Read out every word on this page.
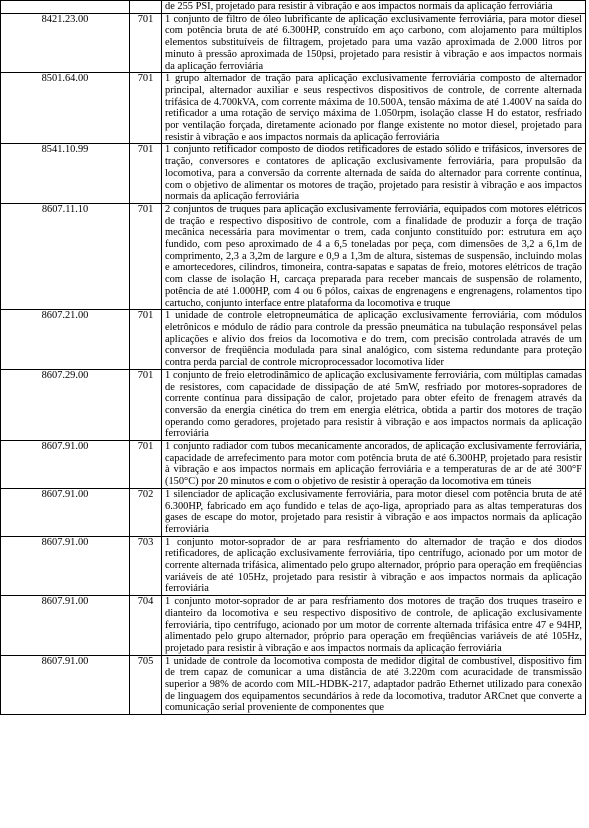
		de 255 PSI, projetado para resistir à vibração e aos impactos normais da aplicação ferroviária
8421.23.00	701	1 conjunto de filtro de óleo lubrificante de aplicação exclusivamente ferroviária, para motor diesel com potência bruta de até 6.300HP, construído em aço carbono, com alojamento para múltiplos elementos substituíveis de filtragem, projetado para uma vazão aproximada de 2.000 litros por minuto à pressão aproximada de 150psi, projetado para resistir à vibração e aos impactos normais da aplicação ferroviária
8501.64.00	701	1 grupo alternador de tração para aplicação exclusivamente ferroviária composto de alternador principal, alternador auxiliar e seus respectivos dispositivos de controle, de corrente alternada trifásica de 4.700kVA, com corrente máxima de 10.500A, tensão máxima de até 1.400V na saída do retificador a uma rotação de serviço máxima de 1.050rpm, isolação classe H do estator, resfriado por ventilação forçada, diretamente acionado por flange existente no motor diesel, projetado para resistir à vibração e aos impactos normais da aplicação ferroviária
8541.10.99	701	1 conjunto retificador composto de diodos retificadores de estado sólido e trifásicos, inversores de tração, conversores e contatores de aplicação exclusivamente ferroviária, para propulsão da locomotiva, para a conversão da corrente alternada de saída do alternador para corrente contínua, com o objetivo de alimentar os motores de tração, projetado para resistir à vibração e aos impactos normais da aplicação ferroviária
8607.11.10	701	2 conjuntos de truques para aplicação exclusivamente ferroviária, equipados com motores elétricos de tração e respectivo dispositivo de controle, com a finalidade de produzir a força de tração mecânica necessária para movimentar o trem, cada conjunto constituído por: estrutura em aço fundido, com peso aproximado de 4 a 6,5 toneladas por peça, com dimensões de 3,2 a 6,1m de comprimento, 2,3 a 3,2m de largure e 0,9 a 1,3m de altura, sistemas de suspensão, incluindo molas e amortecedores, cilindros, timoneira, contra-sapatas e sapatas de freio, motores elétricos de tração com classe de isolação H, carcaça preparada para receber mancais de suspensão de rolamento, potência de até 1.000HP, com 4 ou 6 pólos, caixas de engrenagens e engrenagens, rolamentos tipo cartucho, conjunto interface entre plataforma da locomotiva e truque
8607.21.00	701	1 unidade de controle eletropneumática de aplicação exclusivamente ferroviária, com módulos eletrônicos e módulo de rádio para controle da pressão pneumática na tubulação responsável pelas aplicações e alívio dos freios da locomotiva e do trem, com precisão controlada através de um conversor de freqüência modulada para sinal analógico, com sistema redundante para proteção contra perda parcial de controle microprocessador locomotiva líder
8607.29.00	701	1 conjunto de freio eletrodinâmico de aplicação exclusivamente ferroviária, com múltiplas camadas de resistores, com capacidade de dissipação de até 5mW, resfriado por motores-sopradores de corrente contínua para dissipação de calor, projetado para obter efeito de frenagem através da conversão da energia cinética do trem em energia elétrica, obtida a partir dos motores de tração operando como geradores, projetado para resistir à vibração e aos impactos normais da aplicação ferroviária
8607.91.00	701	1 conjunto radiador com tubos mecanicamente ancorados, de aplicação exclusivamente ferroviária, capacidade de arrefecimento para motor com potência bruta de até 6.300HP, projetado para resistir à vibração e aos impactos normais em aplicação ferroviária e a temperaturas de ar de até 300°F (150°C) por 20 minutos e com o objetivo de resistir à operação da locomotiva em túneis
8607.91.00	702	1 silenciador de aplicação exclusivamente ferroviária, para motor diesel com potência bruta de até 6.300HP, fabricado em aço fundido e telas de aço-liga, apropriado para as altas temperaturas dos gases de escape do motor, projetado para resistir à vibração e aos impactos normais da aplicação ferroviária
8607.91.00	703	1 conjunto motor-soprador de ar para resfriamento do alternador de tração e dos diodos retificadores, de aplicação exclusivamente ferroviária, tipo centrífugo, acionado por um motor de corrente alternada trifásica, alimentado pelo grupo alternador, próprio para operação em freqüências variáveis de até 105Hz, projetado para resistir à vibração e aos impactos normais da aplicação ferroviária
8607.91.00	704	1 conjunto motor-soprador de ar para resfriamento dos motores de tração dos truques traseiro e dianteiro da locomotiva e seu respectivo dispositivo de controle, de aplicação exclusivamente ferroviária, tipo centrífugo, acionado por um motor de corrente alternada trifásica entre 47 e 94HP, alimentado pelo grupo alternador, próprio para operação em freqüências variáveis de até 105Hz, projetado para resistir à vibração e aos impactos normais da aplicação ferroviária
8607.91.00	705	1 unidade de controle da locomotiva composta de medidor digital de combustível, dispositivo fim de trem capaz de comunicar a uma distância de até 3.220m com acuracidade de transmissão superior a 98% de acordo com MIL-HDBK-217, adaptador padrão Ethernet utilizado para conexão de linguagem dos equipamentos secundários à rede da locomotiva, tradutor ARCnet que converte a comunicação serial proveniente de componentes que
